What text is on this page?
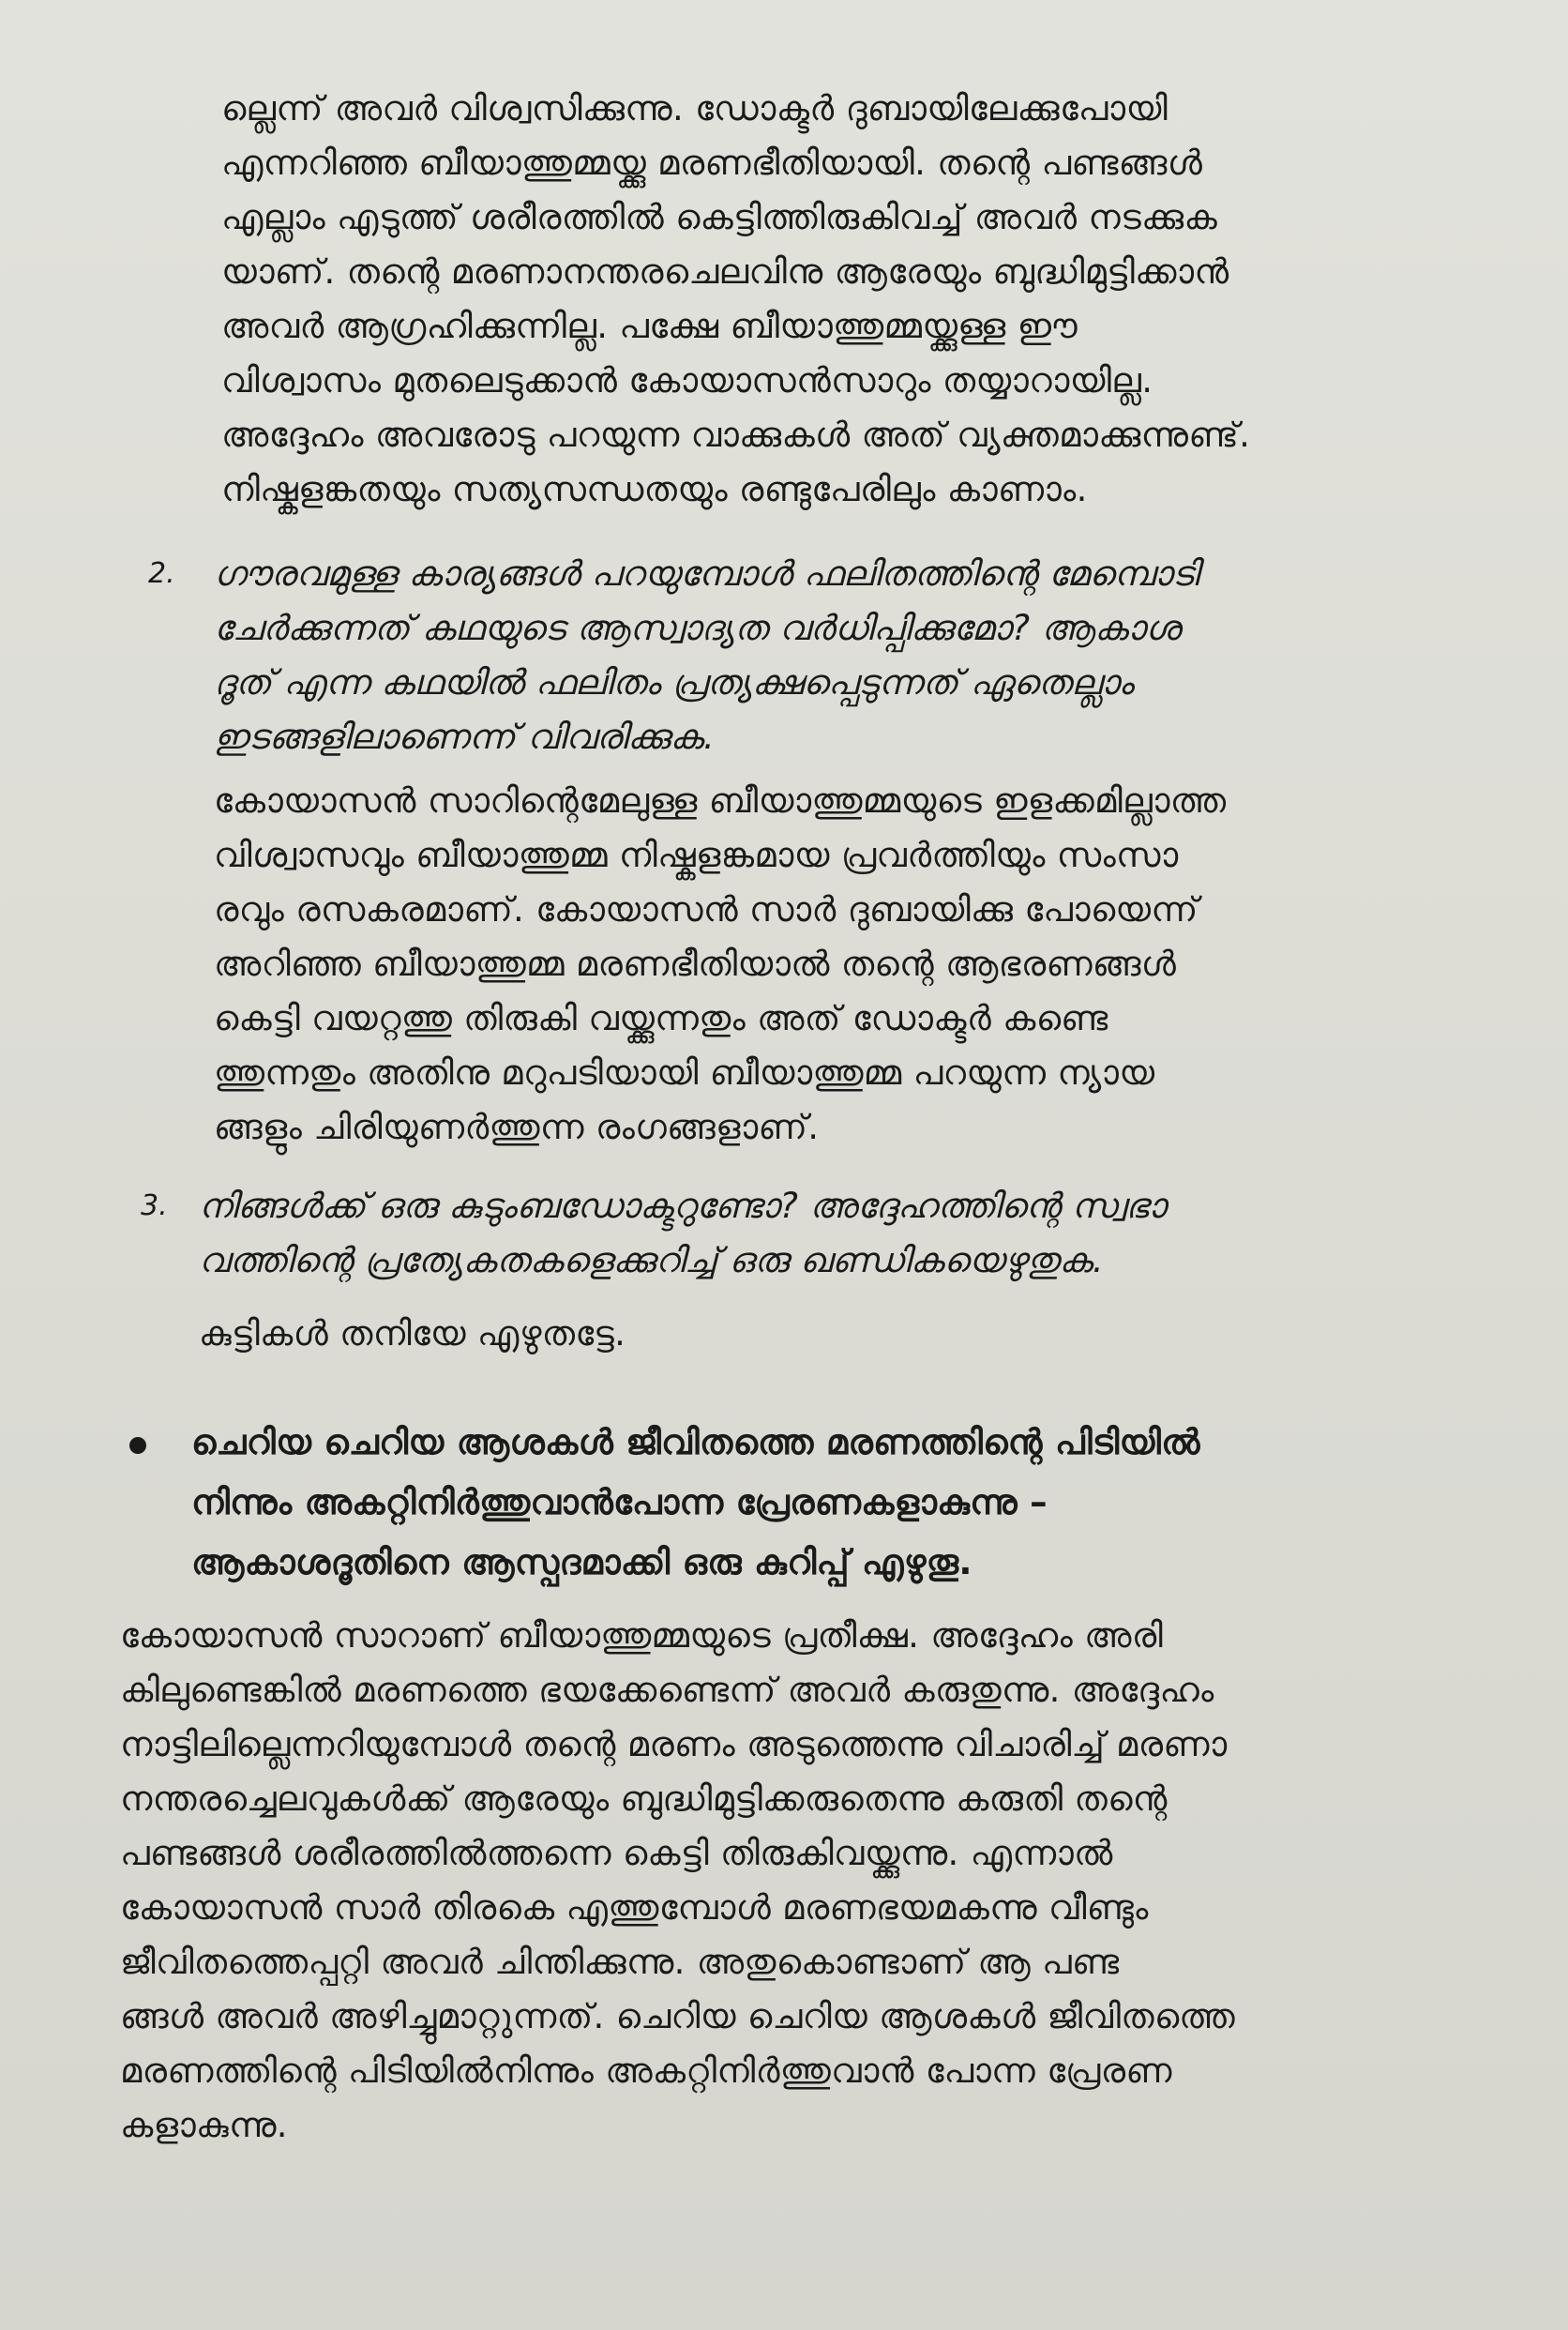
ല്ലെന്ന് അവർ വിശ്വസിക്കുന്നു. ഡോക്ടർ ദുബായിലേക്കുപോയി
എന്നറിഞ്ഞ ബീയാത്തുമ്മയ്ക്കു മരണഭീതിയായി. തന്റെ പണ്ടങ്ങൾ
എല്ലാം എടുത്ത് ശരീരത്തിൽ കെട്ടിത്തിരുകിവച്ച് അവർ നടക്കുക
യാണ്. തന്റെ മരണാനന്തരചെലവിനു ആരേയും ബുദ്ധിമുട്ടിക്കാൻ
അവർ ആഗ്രഹിക്കുന്നില്ല. പക്ഷേ ബീയാത്തുമ്മയ്ക്കുള്ള ഈ
വിശ്വാസം മുതലെടുക്കാൻ കോയാസൻസാറും തയ്യാറായില്ല.
അദ്ദേഹം അവരോടു പറയുന്ന വാക്കുകൾ അത് വ്യക്തമാക്കുന്നുണ്ട്.
നിഷ്കളങ്കതയും സത്യസന്ധതയും രണ്ടുപേരിലും കാണാം.
2. ഗൗരവമുള്ള കാര്യങ്ങൾ പറയുമ്പോൾ ഫലിതത്തിന്റെ മേമ്പൊടി
ചേർക്കുന്നത് കഥയുടെ ആസ്വാദ്യത വർധിപ്പിക്കുമോ? ആകാശ
ദൂത് എന്ന കഥയിൽ ഫലിതം പ്രത്യക്ഷപ്പെടുന്നത് ഏതെല്ലാം
ഇടങ്ങളിലാണെന്ന് വിവരിക്കുക.
കോയാസൻ സാറിന്റെമേലുള്ള ബീയാത്തുമ്മയുടെ ഇളക്കമില്ലാത്ത
വിശ്വാസവും ബീയാത്തുമ്മ നിഷ്കളങ്കമായ പ്രവർത്തിയും സംസാ
രവും രസകരമാണ്. കോയാസൻ സാർ ദുബായിക്കു പോയെന്ന്
അറിഞ്ഞ ബീയാത്തുമ്മ മരണഭീതിയാൽ തന്റെ ആഭരണങ്ങൾ
കെട്ടി വയറ്റത്തു തിരുകി വയ്ക്കുന്നതും അത് ഡോക്ടർ കണ്ടെ
ത്തുന്നതും അതിനു മറുപടിയായി ബീയാത്തുമ്മ പറയുന്ന ന്യായ
ങ്ങളും ചിരിയുണർത്തുന്ന രംഗങ്ങളാണ്.
3. നിങ്ങൾക്ക് ഒരു കുടുംബഡോക്ടറുണ്ടോ? അദ്ദേഹത്തിന്റെ സ്വഭാ
വത്തിന്റെ പ്രത്യേകതകളെക്കുറിച്ച് ഒരു ഖണ്ഡികയെഴുതുക.
കുട്ടികൾ തനിയേ എഴുതട്ടേ.
ചെറിയ ചെറിയ ആശകൾ ജീവിതത്തെ മരണത്തിന്റെ പിടിയിൽ
നിന്നും അകറ്റിനിർത്തുവാൻപോന്ന പ്രേരണകളാകുന്നു –
ആകാശദൂതിനെ ആസ്പദമാക്കി ഒരു കുറിപ്പ് എഴുതൂ.
കോയാസൻ സാറാണ് ബീയാത്തുമ്മയുടെ പ്രതീക്ഷ. അദ്ദേഹം അരി
കിലുണ്ടെങ്കിൽ മരണത്തെ ഭയക്കേണ്ടെന്ന് അവർ കരുതുന്നു. അദ്ദേഹം
നാട്ടിലില്ലെന്നറിയുമ്പോൾ തന്റെ മരണം അടുത്തെന്നു വിചാരിച്ച് മരണാ
നന്തരച്ചെലവുകൾക്ക് ആരേയും ബുദ്ധിമുട്ടിക്കരുതെന്നു കരുതി തന്റെ
പണ്ടങ്ങൾ ശരീരത്തിൽത്തന്നെ കെട്ടി തിരുകിവയ്ക്കുന്നു. എന്നാൽ
കോയാസൻ സാർ തിരകെ എത്തുമ്പോൾ മരണഭയമകന്നു വീണ്ടും
ജീവിതത്തെപ്പറ്റി അവർ ചിന്തിക്കുന്നു. അതുകൊണ്ടാണ് ആ പണ്ട
ങ്ങൾ അവർ അഴിച്ചുമാറ്റുന്നത്. ചെറിയ ചെറിയ ആശകൾ ജീവിതത്തെ
മരണത്തിന്റെ പിടിയിൽനിന്നും അകറ്റിനിർത്തുവാൻ പോന്ന പ്രേരണ
കളാകുന്നു.
